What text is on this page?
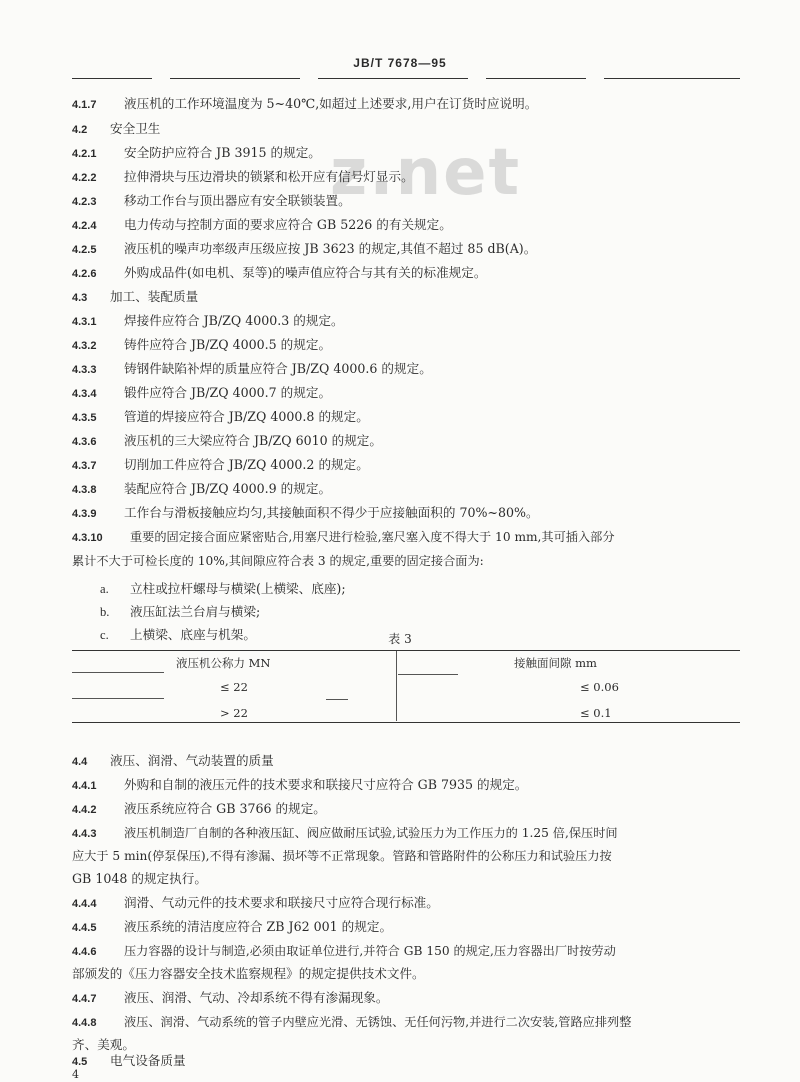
JB/T 7678—95
z.net
4.1.7 液压机的工作环境温度为 5~40℃,如超过上述要求,用户在订货时应说明。
4.2 安全卫生
4.2.1 安全防护应符合 JB 3915 的规定。
4.2.2 拉伸滑块与压边滑块的锁紧和松开应有信号灯显示。
4.2.3 移动工作台与顶出器应有安全联锁装置。
4.2.4 电力传动与控制方面的要求应符合 GB 5226 的有关规定。
4.2.5 液压机的噪声功率级声压级应按 JB 3623 的规定,其值不超过 85 dB(A)。
4.2.6 外购成品件(如电机、泵等)的噪声值应符合与其有关的标准规定。
4.3 加工、装配质量
4.3.1 焊接件应符合 JB/ZQ 4000.3 的规定。
4.3.2 铸件应符合 JB/ZQ 4000.5 的规定。
4.3.3 铸钢件缺陷补焊的质量应符合 JB/ZQ 4000.6 的规定。
4.3.4 锻件应符合 JB/ZQ 4000.7 的规定。
4.3.5 管道的焊接应符合 JB/ZQ 4000.8 的规定。
4.3.6 液压机的三大梁应符合 JB/ZQ 6010 的规定。
4.3.7 切削加工件应符合 JB/ZQ 4000.2 的规定。
4.3.8 装配应符合 JB/ZQ 4000.9 的规定。
4.3.9 工作台与滑板接触应均匀,其接触面积不得少于应接触面积的 70%~80%。
4.3.10 重要的固定接合面应紧密贴合,用塞尺进行检验,塞尺塞入度不得大于 10 mm,其可插入部分
累计不大于可检长度的 10%,其间隙应符合表 3 的规定,重要的固定接合面为:
a. 立柱或拉杆螺母与横梁(上横梁、底座);
b. 液压缸法兰台肩与横梁;
c. 上横梁、底座与机架。	表 3
液压机公称力 MN	接触面间隙 mm
≤ 22	≤ 0.06
> 22	≤ 0.1
4.4 液压、润滑、气动装置的质量
4.4.1 外购和自制的液压元件的技术要求和联接尺寸应符合 GB 7935 的规定。
4.4.2 液压系统应符合 GB 3766 的规定。
4.4.3 液压机制造厂自制的各种液压缸、阀应做耐压试验,试验压力为工作压力的 1.25 倍,保压时间
应大于 5 min(停泵保压),不得有渗漏、损坏等不正常现象。管路和管路附件的公称压力和试验压力按
GB 1048 的规定执行。
4.4.4 润滑、气动元件的技术要求和联接尺寸应符合现行标准。
4.4.5 液压系统的清洁度应符合 ZB J62 001 的规定。
4.4.6 压力容器的设计与制造,必须由取证单位进行,并符合 GB 150 的规定,压力容器出厂时按劳动
部颁发的《压力容器安全技术监察规程》的规定提供技术文件。
4.4.7 液压、润滑、气动、冷却系统不得有渗漏现象。
4.4.8 液压、润滑、气动系统的管子内壁应光滑、无锈蚀、无任何污物,并进行二次安装,管路应排列整
齐、美观。
4.5 电气设备质量
4
